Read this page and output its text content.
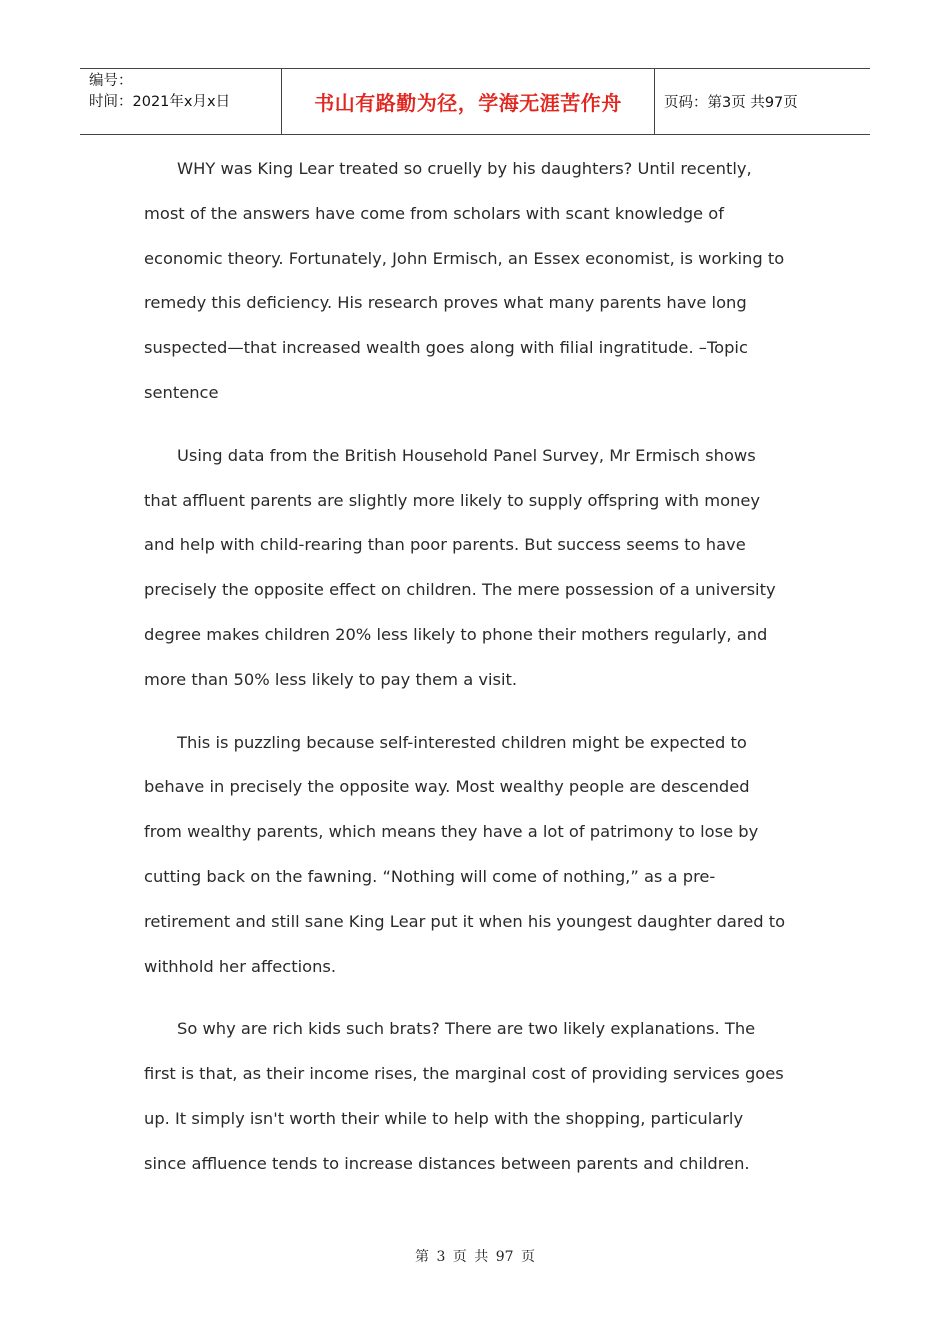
编号：
时间：2021年x月x日	书山有路勤为径，学海无涯苦作舟	页码：第3页 共97页

WHY was King Lear treated so cruelly by his daughters? Until recently,
most of the answers have come from scholars with scant knowledge of
economic theory. Fortunately, John Ermisch, an Essex economist, is working to
remedy this deficiency. His research proves what many parents have long
suspected—that increased wealth goes along with filial ingratitude. –Topic
sentence

Using data from the British Household Panel Survey, Mr Ermisch shows
that affluent parents are slightly more likely to supply offspring with money
and help with child-rearing than poor parents. But success seems to have
precisely the opposite effect on children. The mere possession of a university
degree makes children 20% less likely to phone their mothers regularly, and
more than 50% less likely to pay them a visit.

This is puzzling because self-interested children might be expected to
behave in precisely the opposite way. Most wealthy people are descended
from wealthy parents, which means they have a lot of patrimony to lose by
cutting back on the fawning. “Nothing will come of nothing,” as a pre-
retirement and still sane King Lear put it when his youngest daughter dared to
withhold her affections.

So why are rich kids such brats? There are two likely explanations. The
first is that, as their income rises, the marginal cost of providing services goes
up. It simply isn't worth their while to help with the shopping, particularly
since affluence tends to increase distances between parents and children.

第 3 页 共 97 页
